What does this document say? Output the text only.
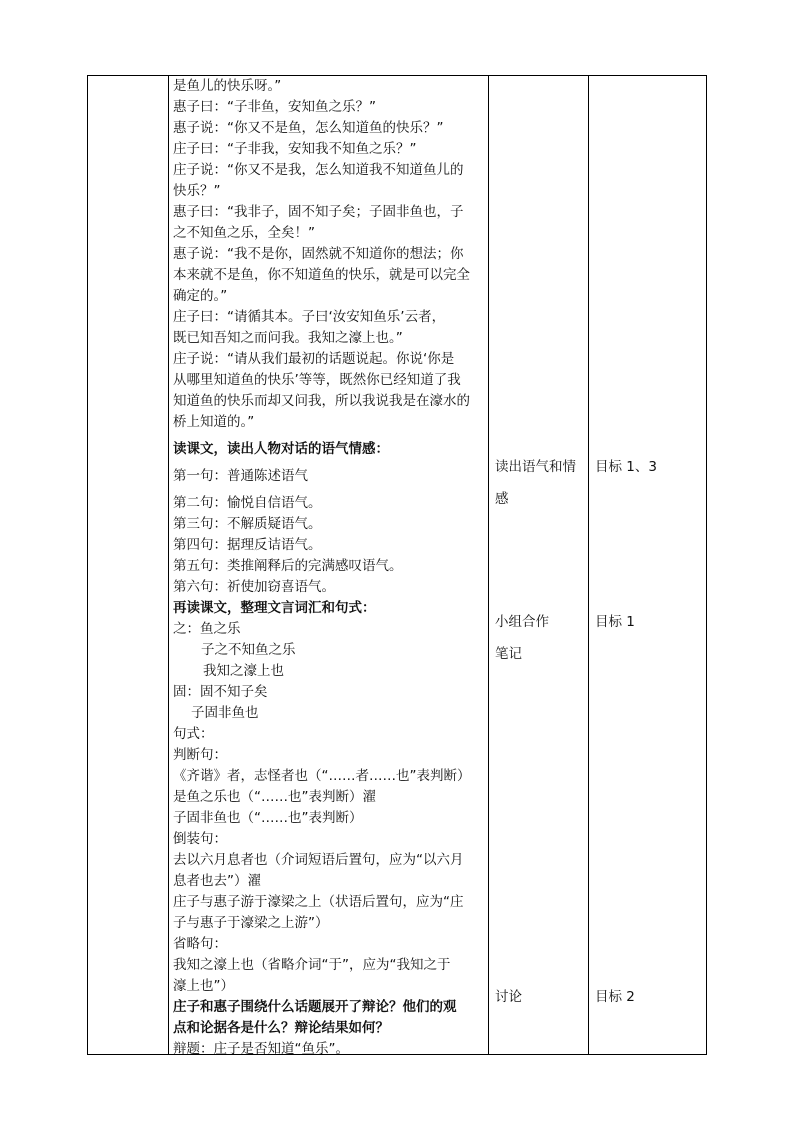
是鱼儿的快乐呀。”
惠子曰：“子非鱼，安知鱼之乐？”
惠子说：“你又不是鱼，怎么知道鱼的快乐？”
庄子曰：“子非我，安知我不知鱼之乐？”
庄子说：“你又不是我，怎么知道我不知道鱼儿的
快乐？”
惠子曰：“我非子，固不知子矣；子固非鱼也，子
之不知鱼之乐，全矣！”
惠子说：“我不是你，固然就不知道你的想法；你
本来就不是鱼，你不知道鱼的快乐，就是可以完全
确定的。”
庄子曰：“请循其本。子曰‘汝安知鱼乐’云者，
既已知吾知之而问我。我知之濠上也。”
庄子说：“请从我们最初的话题说起。你说‘你是
从哪里知道鱼的快乐’等等，既然你已经知道了我
知道鱼的快乐而却又问我，所以我说我是在濠水的
桥上知道的。”
读课文，读出人物对话的语气情感：
第一句：普通陈述语气
第二句：愉悦自信语气。
第三句：不解质疑语气。
第四句：据理反诘语气。
第五句：类推阐释后的完满感叹语气。
第六句：祈使加窃喜语气。
再读课文，整理文言词汇和句式：
之：鱼之乐
子之不知鱼之乐
我知之濠上也
固：固不知子矣
子固非鱼也
句式：
判断句：
《齐谐》者，志怪者也（“……者……也”表判断）
是鱼之乐也（“……也”表判断）濯
子固非鱼也（“……也”表判断）
倒装句：
去以六月息者也（介词短语后置句，应为“以六月
息者也去”）濯
庄子与惠子游于濠梁之上（状语后置句，应为“庄
子与惠子于濠梁之上游”）
省略句：
我知之濠上也（省略介词“于”，应为“我知之于
濠上也”）
庄子和惠子围绕什么话题展开了辩论？他们的观
点和论据各是什么？辩论结果如何？
辩题：庄子是否知道“鱼乐”。
读出语气和情
感
小组合作
笔记
讨论
目标 1、3
目标 1
目标 2
